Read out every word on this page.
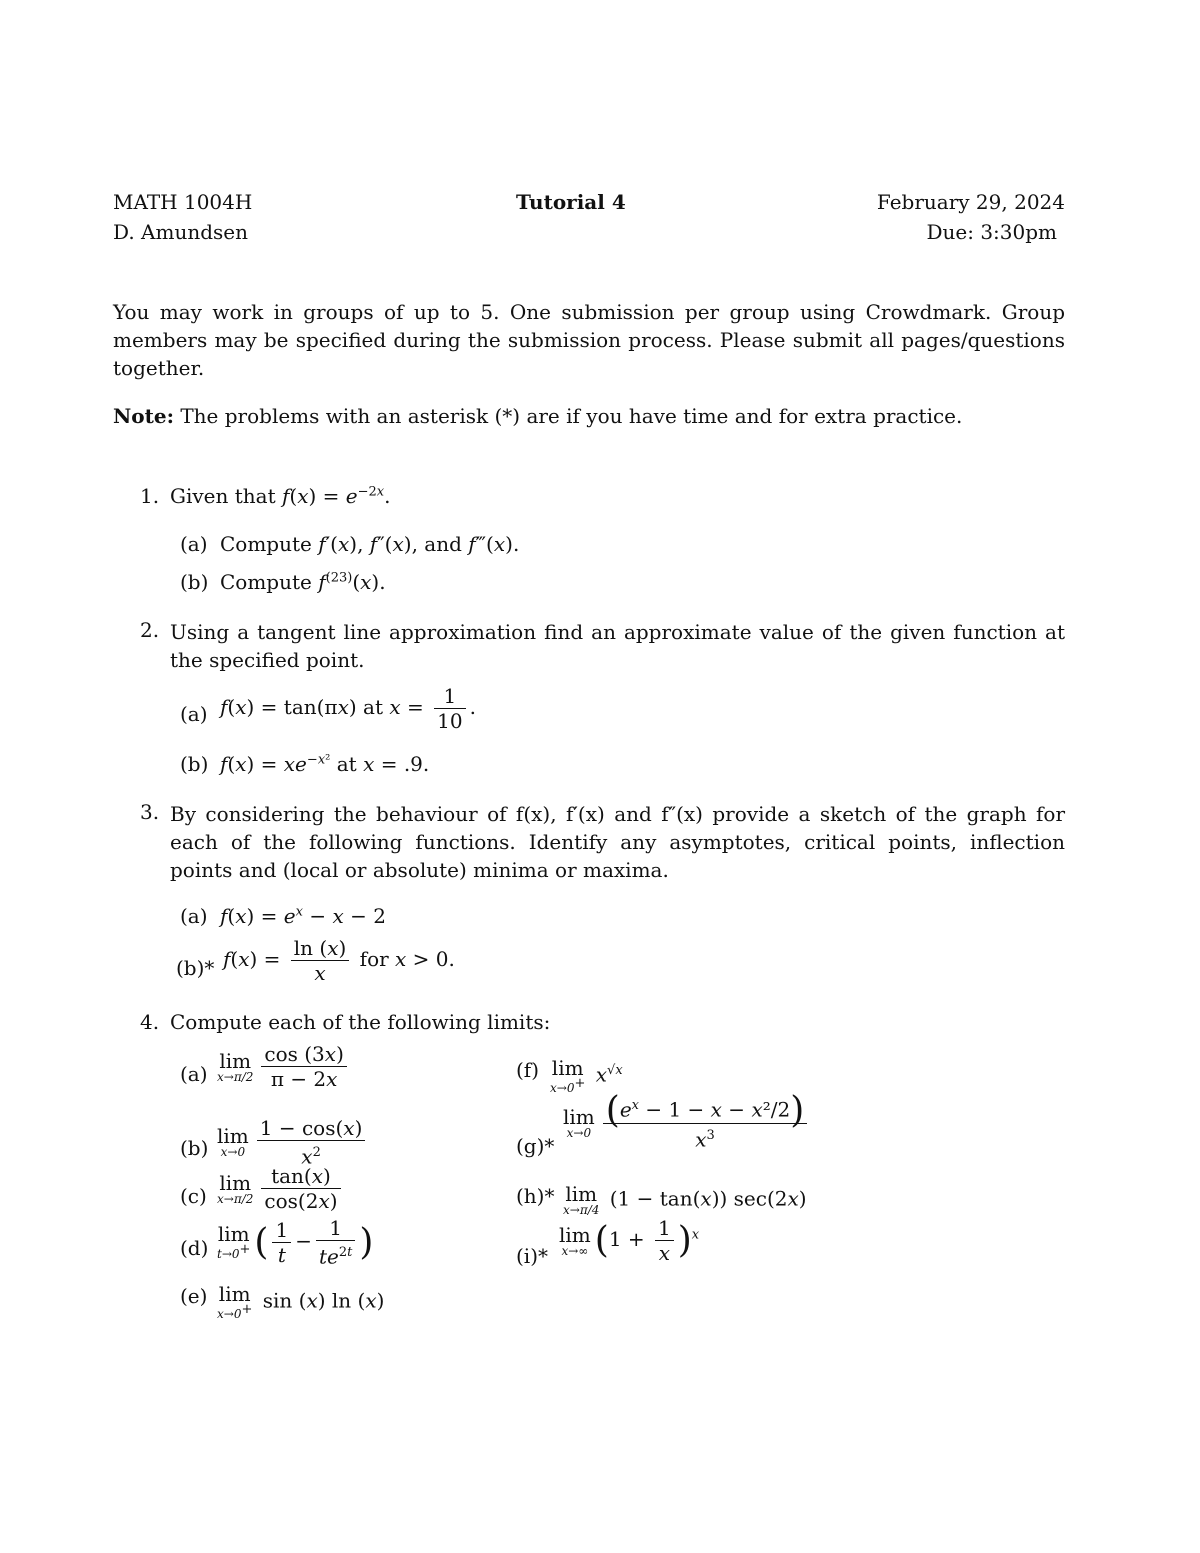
MATH 1004H	Tutorial 4	February 29, 2024
D. Amundsen	Due: 3:30pm
You may work in groups of up to 5. One submission per group using Crowdmark. Group members may be specified during the submission process. Please submit all pages/questions together.
Note: The problems with an asterisk (*) are if you have time and for extra practice.
1. Given that $f(x) = e^{-2x}$.
(a) Compute f′(x), f″(x), and f‴(x).
(b) Compute $f^{(23)}(x)$.
2. Using a tangent line approximation find an approximate value of the given function at the specified point.
(a) f(x) = tan(πx) at $x = \frac{1}{10}$ .
(b) $f(x) = xe^{-x^2}$ at x = .9.
3. By considering the behaviour of f(x), f′(x) and f″(x) provide a sketch of the graph for each of the following functions. Identify any asymptotes, critical points, inflection points and (local or absolute) minima or maxima.
(a) $f(x) = e^x - x - 2$
(b)* $f(x) = \frac{\ln (x)}{x}$ for x > 0.
4. Compute each of the following limits:
(a)
lim
$x\to\pi/2 \frac{\cos (3x)}{\pi - 2x}$
(b) lim
$x\to 0 \frac{1 - \cos(x)}{x^2}$
(c)
lim
$x\to\pi/2 \frac{\tan(x)}{\cos(2x)}$
(d)
lim
t→0+ ( $\frac{1}{t} - \frac{1}{te^{2t}}$ )
(e) lim
x→0+ sin (x) ln (x)
(f) lim
x→0+ $x^{√x}$
(g)*
lim
$x\to 0 \frac{(e^x - 1 - x - x^2/2)}{x^3}$
(h)* lim
x→π/4 (1 − tan(x)) sec(2x)
(i)*
lim
x→∞ $(1 + \frac{1}{x} )^x$
